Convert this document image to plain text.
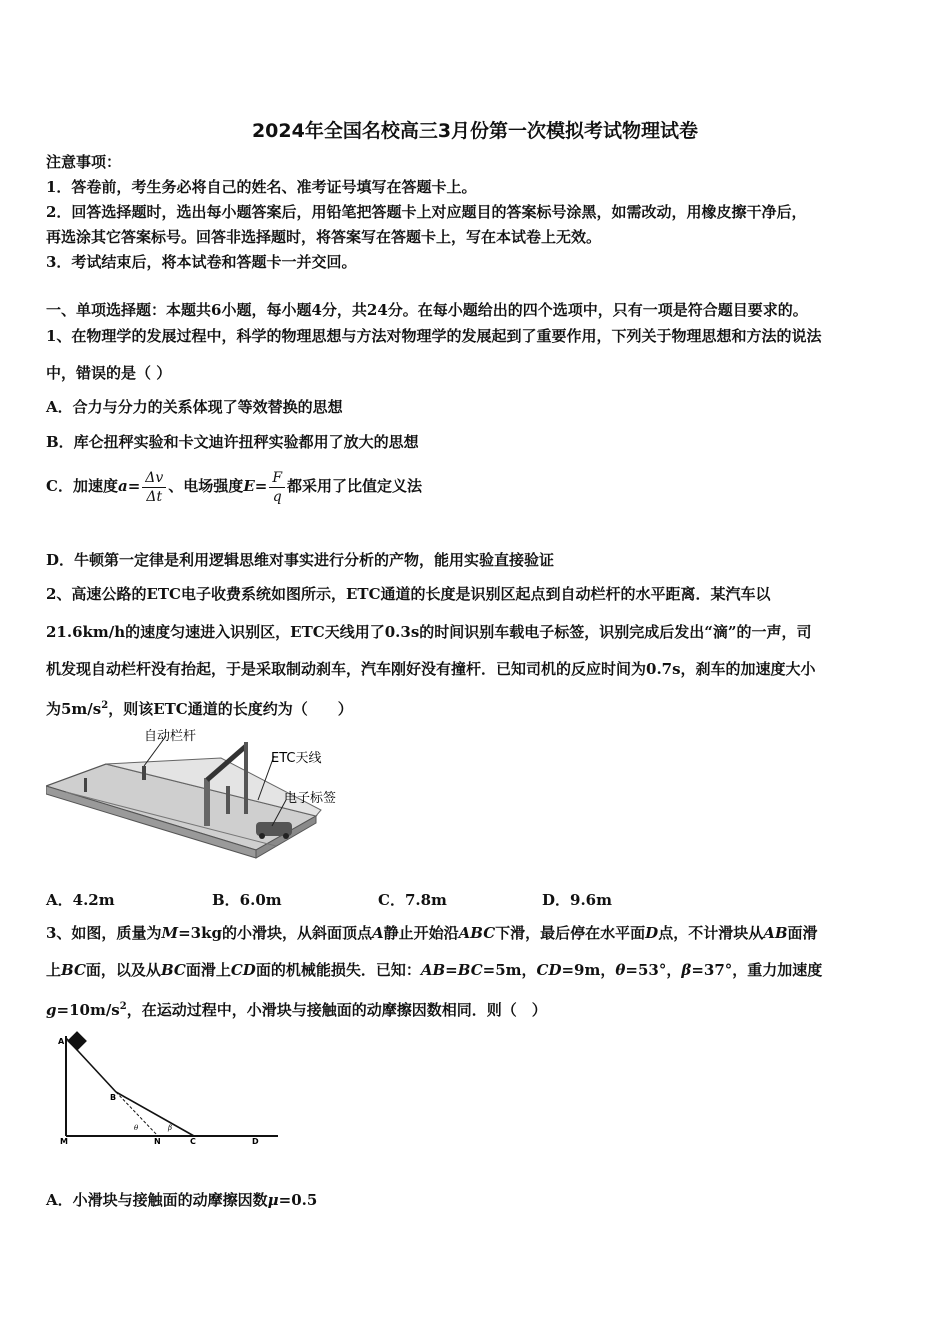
2024年全国名校高三3月份第一次模拟考试物理试卷
注意事项：
1．答卷前，考生务必将自己的姓名、准考证号填写在答题卡上。
2．回答选择题时，选出每小题答案后，用铅笔把答题卡上对应题目的答案标号涂黑，如需改动，用橡皮擦干净后，
再选涂其它答案标号。回答非选择题时，将答案写在答题卡上，写在本试卷上无效。
3．考试结束后，将本试卷和答题卡一并交回。
一、单项选择题：本题共6小题，每小题4分，共24分。在每小题给出的四个选项中，只有一项是符合题目要求的。
1、在物理学的发展过程中，科学的物理思想与方法对物理学的发展起到了重要作用，下列关于物理思想和方法的说法
中，错误的是（ ）
A．合力与分力的关系体现了等效替换的思想
B．库仑扭秤实验和卡文迪许扭秤实验都用了放大的思想
C．加速度$a= \frac{\Delta v}{\Delta t}$ 、电场强度$E= \frac{F}{q}$ 都采用了比值定义法
D．牛顿第一定律是利用逻辑思维对事实进行分析的产物，能用实验直接验证
2、高速公路的ETC电子收费系统如图所示，ETC通道的长度是识别区起点到自动栏杆的水平距离．某汽车以
21.6km/h的速度匀速进入识别区，ETC天线用了0.3s的时间识别车载电子标签，识别完成后发出“滴”的一声，司
机发现自动栏杆没有抬起，于是采取制动刹车，汽车刚好没有撞杆．已知司机的反应时间为0.7s，刹车的加速度大小
为$5m/s^2$，则该ETC通道的长度约为（　　）
自动栏杆
ETC天线
电子标签
A．4.2m	B．6.0m	C．7.8m	D．9.6m
3、如图，质量为M=3kg的小滑块，从斜面顶点A静止开始沿ABC下滑，最后停在水平面D点，不计滑块从AB面滑
上BC面，以及从BC面滑上CD面的机械能损失．已知：AB=BC=5m，CD=9m，θ=53°，β=37°，重力加速度
$g=10m/s^2$，在运动过程中，小滑块与接触面的动摩擦因数相同．则（　）
A
B
M	N	C	D
θ	β
A．小滑块与接触面的动摩擦因数μ=0.5
